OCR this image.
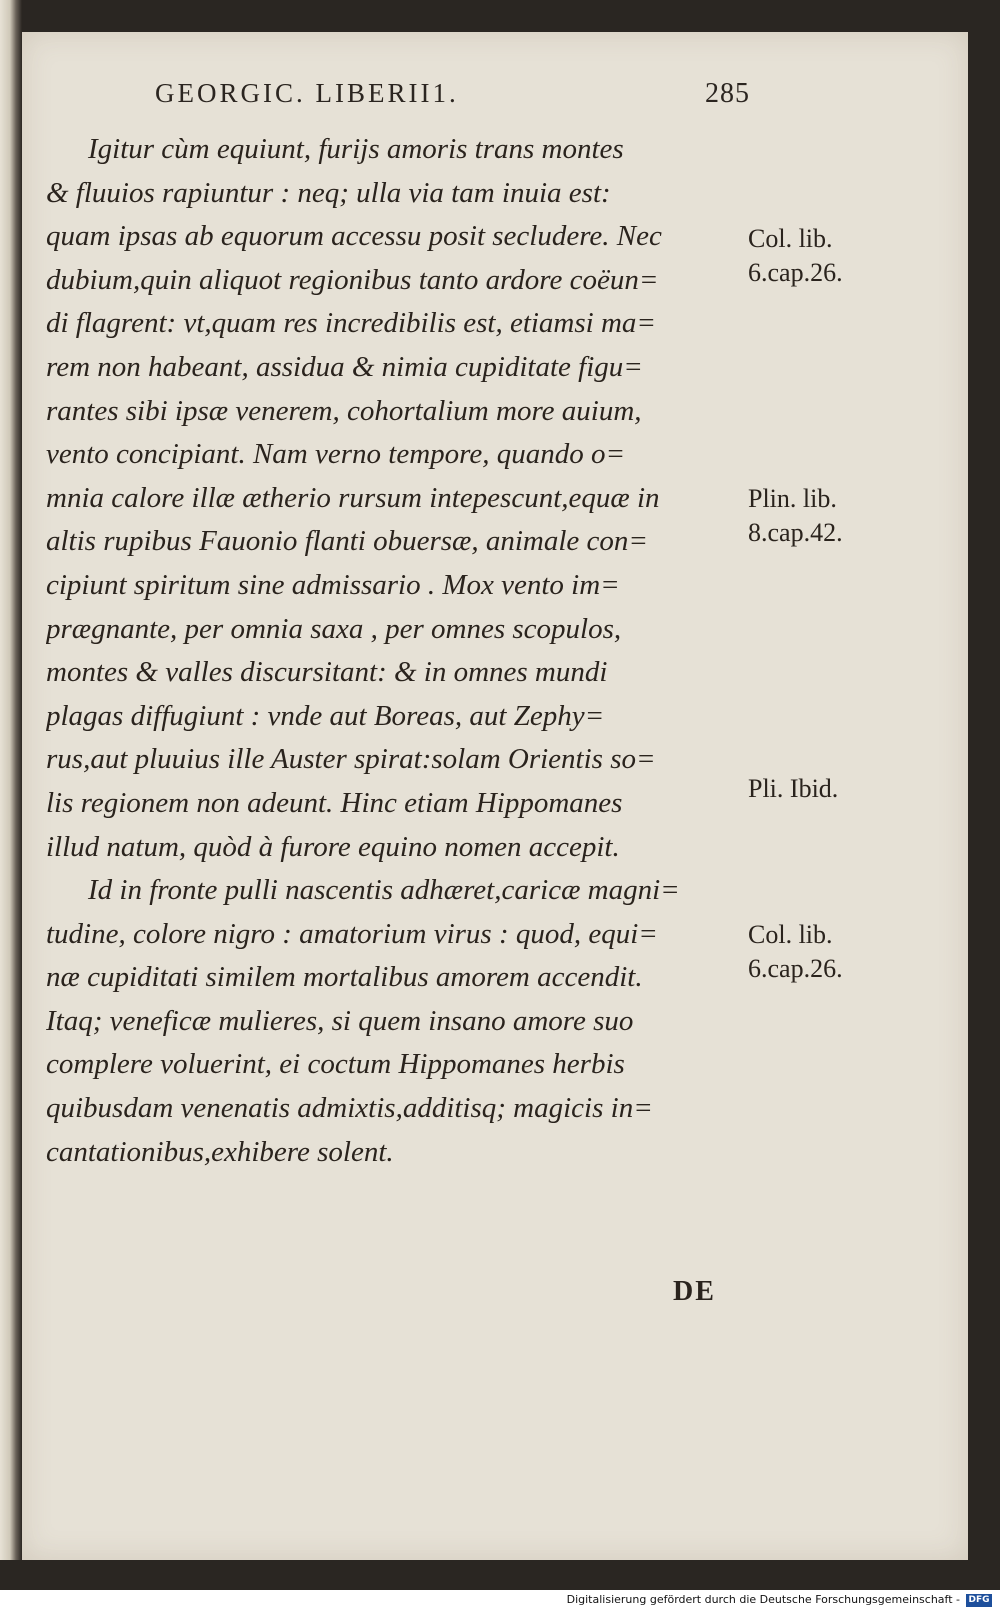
GEORGIC. LIBERII1.	285
Igitur cùm equiunt, furijs amoris trans montes
& fluuios rapiuntur : neq; ulla via tam inuia est:
quam ipsas ab equorum accessu posit secludere. Nec
dubium,quin aliquot regionibus tanto ardore coëun=
di flagrent: vt,quam res incredibilis est, etiamsi ma=
rem non habeant, assidua & nimia cupiditate figu=
rantes sibi ipsæ venerem, cohortalium more auium,
vento concipiant. Nam verno tempore, quando o=
mnia calore illæ ætherio rursum intepescunt,equæ in
altis rupibus Fauonio flanti obuersæ, animale con=
cipiunt spiritum sine admissario . Mox vento im=
prægnante, per omnia saxa , per omnes scopulos,
montes & valles discursitant: & in omnes mundi
plagas diffugiunt : vnde aut Boreas, aut Zephy=
rus,aut pluuius ille Auster spirat:solam Orientis so=
lis regionem non adeunt. Hinc etiam Hippomanes
illud natum, quòd à furore equino nomen accepit.
Id in fronte pulli nascentis adhæret,caricæ magni=
tudine, colore nigro : amatorium virus : quod, equi=
næ cupiditati similem mortalibus amorem accendit.
Itaq; veneficæ mulieres, si quem insano amore suo
complere voluerint, ei coctum Hippomanes herbis
quibusdam venenatis admixtis,additisq; magicis in=
cantationibus,exhibere solent.
Col. lib.
6.cap.26.
Plin. lib.
8.cap.42.
Pli. Ibid.
Col. lib.
6.cap.26.
DE
Digitalisierung gefördert durch die Deutsche Forschungsgemeinschaft - DFG
